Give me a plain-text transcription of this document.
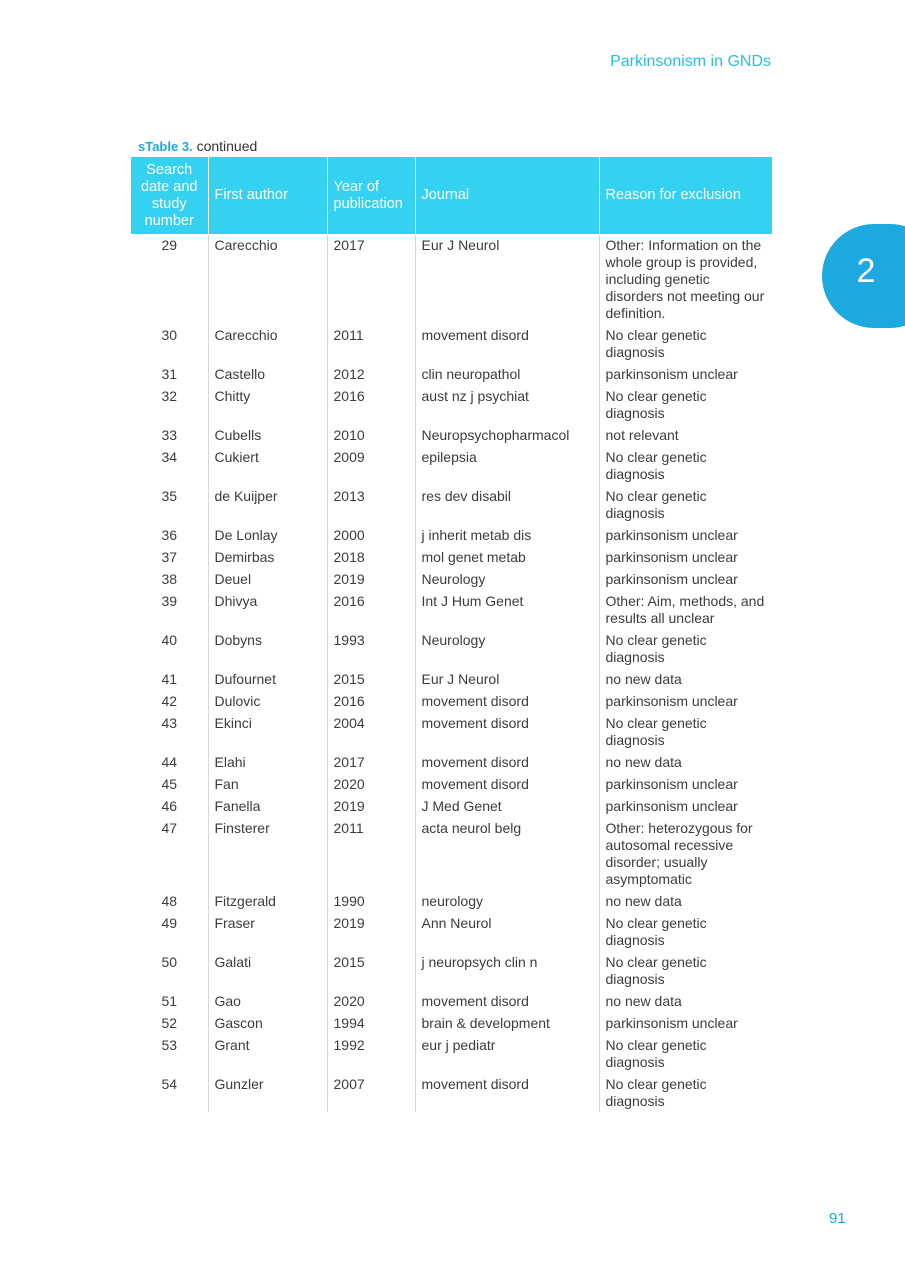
Parkinsonism in GNDs
2
sTable 3. continued
Search date and study number	First author	Year of publication	Journal	Reason for exclusion
29	Carecchio	2017	Eur J Neurol	Other: Information on the whole group is provided, including genetic disorders not meeting our definition.
30	Carecchio	2011	movement disord	No clear genetic diagnosis
31	Castello	2012	clin neuropathol	parkinsonism unclear
32	Chitty	2016	aust nz j psychiat	No clear genetic diagnosis
33	Cubells	2010	Neuropsychopharmacol	not relevant
34	Cukiert	2009	epilepsia	No clear genetic diagnosis
35	de Kuijper	2013	res dev disabil	No clear genetic diagnosis
36	De Lonlay	2000	j inherit metab dis	parkinsonism unclear
37	Demirbas	2018	mol genet metab	parkinsonism unclear
38	Deuel	2019	Neurology	parkinsonism unclear
39	Dhivya	2016	Int J Hum Genet	Other: Aim, methods, and results all unclear
40	Dobyns	1993	Neurology	No clear genetic diagnosis
41	Dufournet	2015	Eur J Neurol	no new data
42	Dulovic	2016	movement disord	parkinsonism unclear
43	Ekinci	2004	movement disord	No clear genetic diagnosis
44	Elahi	2017	movement disord	no new data
45	Fan	2020	movement disord	parkinsonism unclear
46	Fanella	2019	J Med Genet	parkinsonism unclear
47	Finsterer	2011	acta neurol belg	Other: heterozygous for autosomal recessive disorder; usually asymptomatic
48	Fitzgerald	1990	neurology	no new data
49	Fraser	2019	Ann Neurol	No clear genetic diagnosis
50	Galati	2015	j neuropsych clin n	No clear genetic diagnosis
51	Gao	2020	movement disord	no new data
52	Gascon	1994	brain & development	parkinsonism unclear
53	Grant	1992	eur j pediatr	No clear genetic diagnosis
54	Gunzler	2007	movement disord	No clear genetic diagnosis
91
